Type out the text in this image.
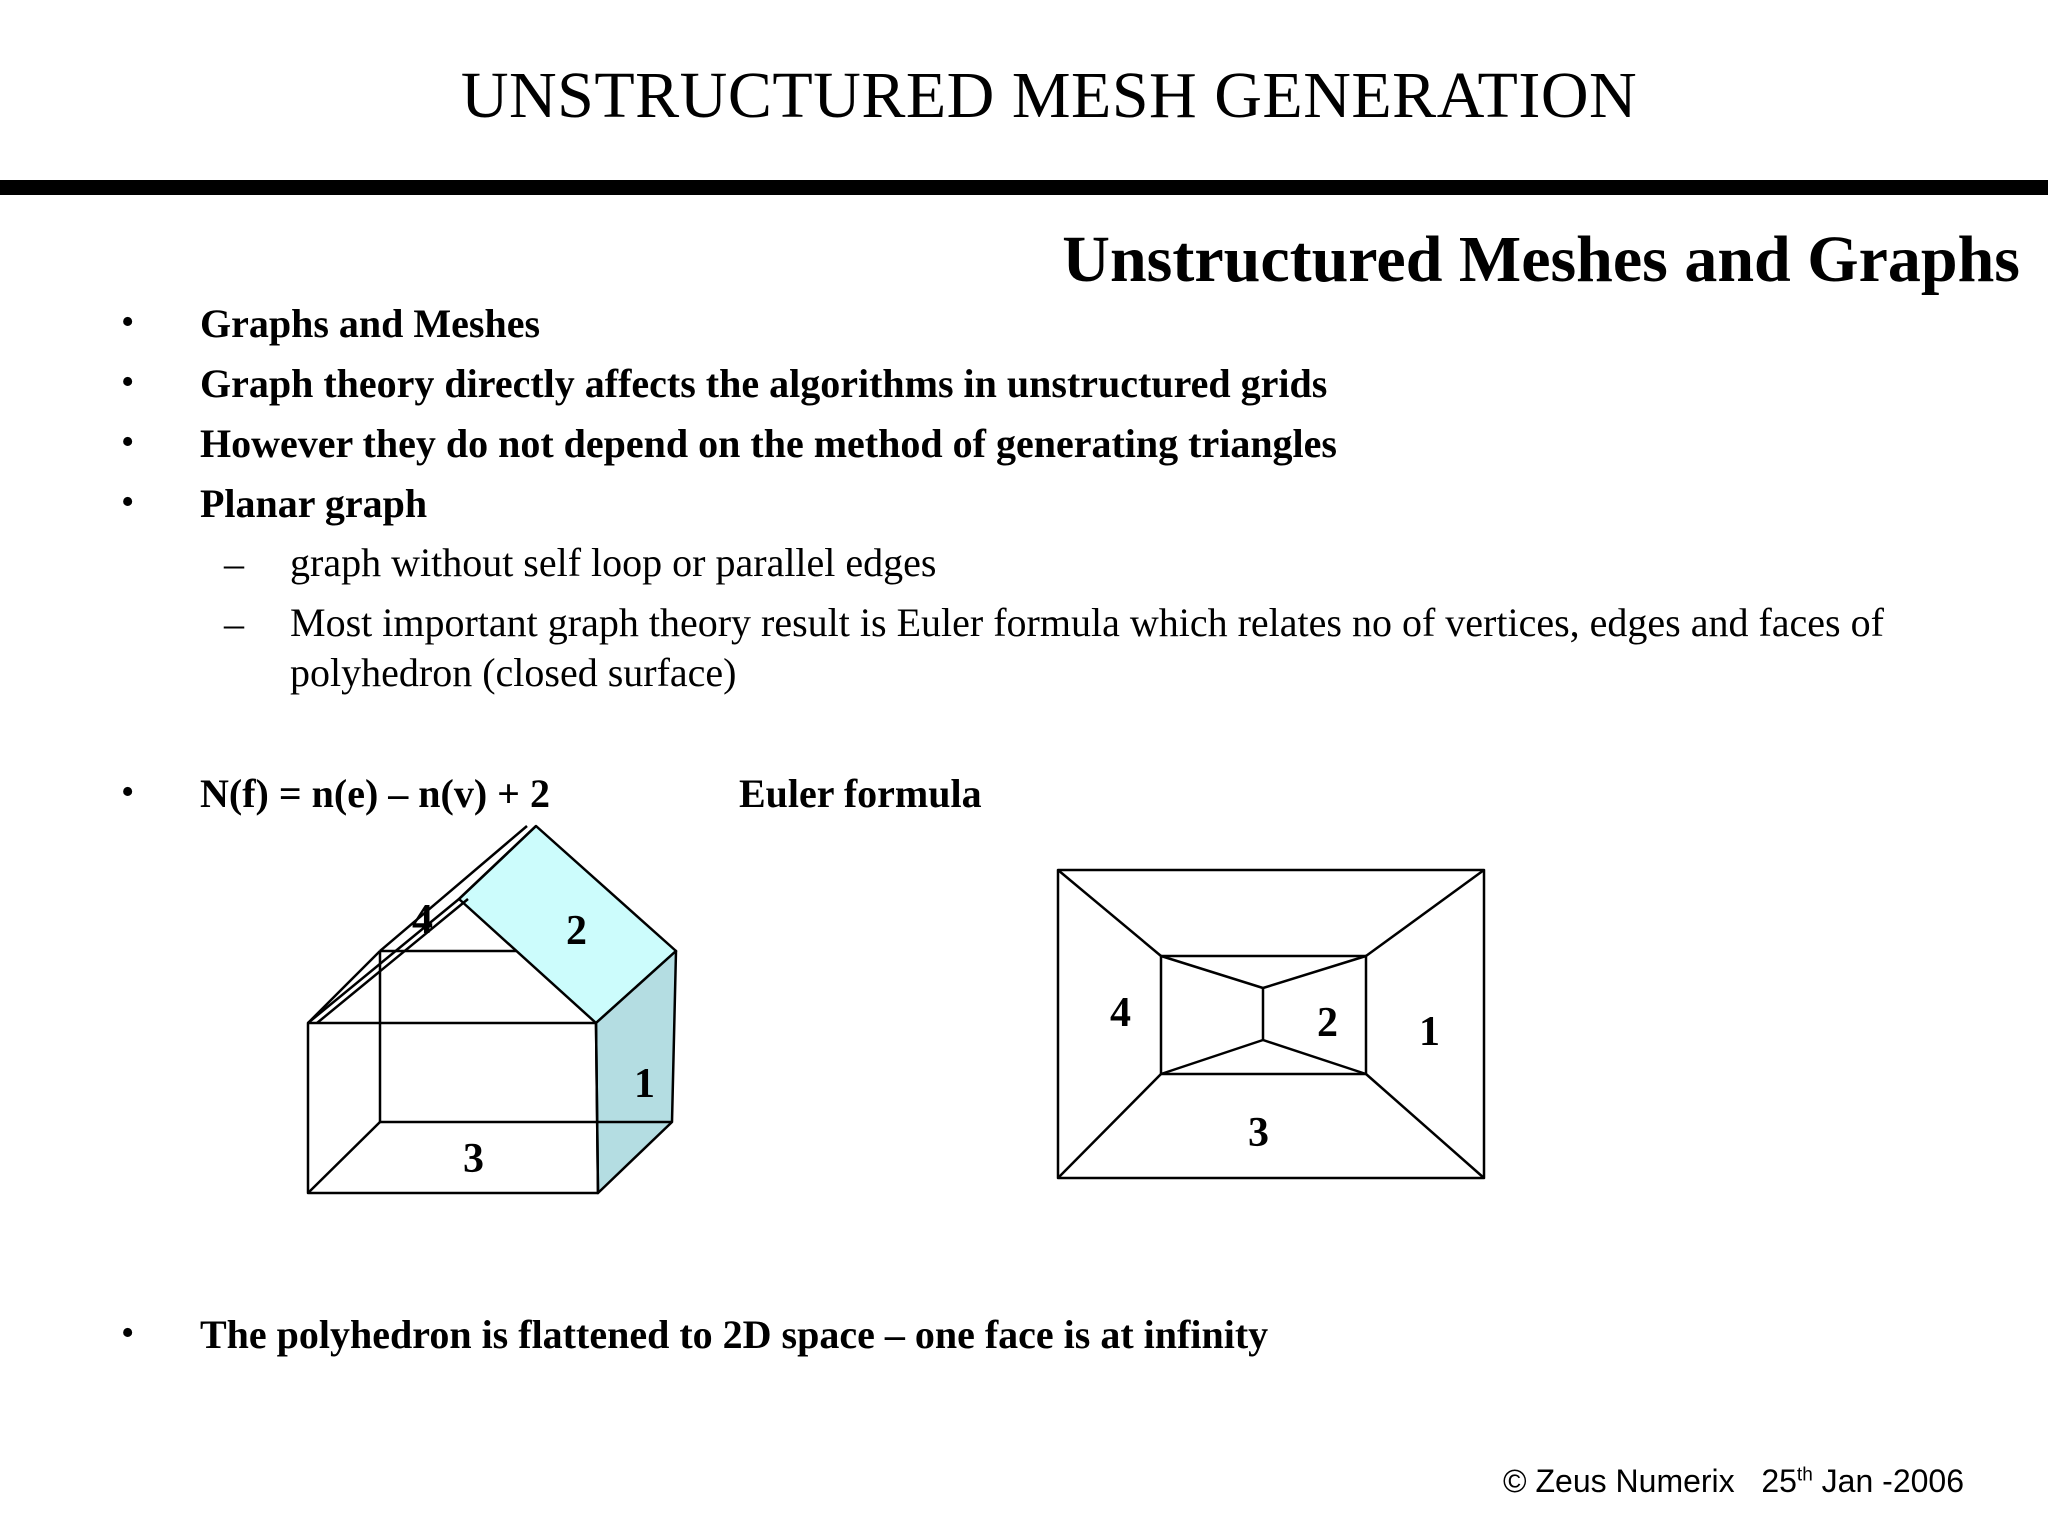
UNSTRUCTURED MESH GENERATION
Unstructured Meshes and Graphs
• Graphs and Meshes
• Graph theory directly affects the algorithms in unstructured grids
• However they do not depend on the method of generating triangles
• Planar graph
– graph without self loop or parallel edges
– Most important graph theory result is Euler formula which relates no of vertices, edges and faces of polyhedron (closed surface)
• N(f) = n(e) – n(v) + 2	Euler formula
4	2
1
3
4	2 1
3
• The polyhedron is flattened to 2D space – one face is at infinity
© Zeus Numerix 25th Jan -2006
